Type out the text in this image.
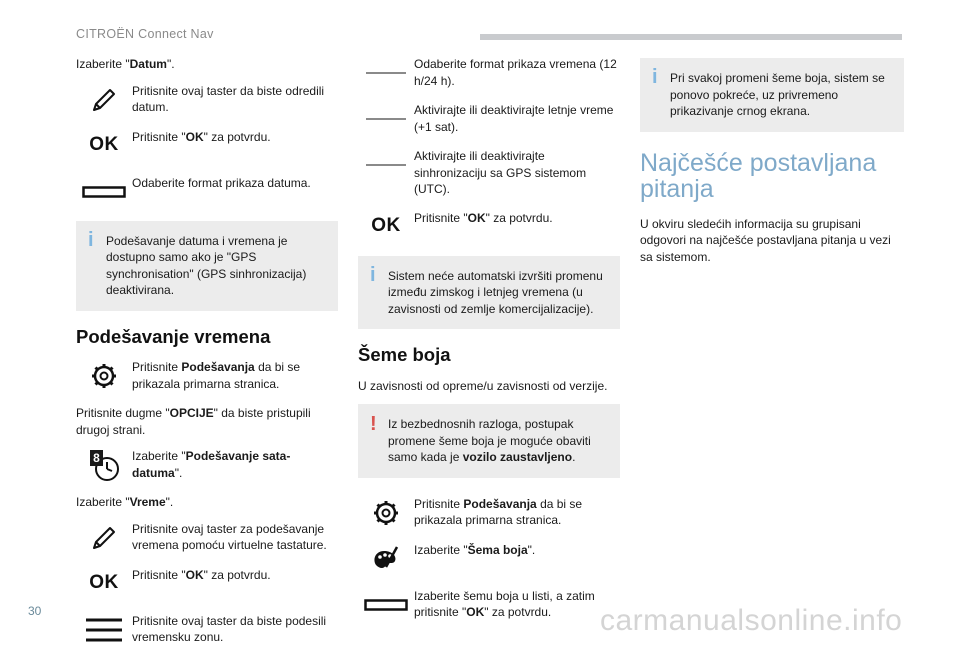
CITROËN Connect Nav

Izaberite "Datum".

Pritisnite ovaj taster da biste odredili datum.
OK Pritisnite "OK" za potvrdu.
Odaberite format prikaza datuma.
i	Podešavanje datuma i vremena je dostupno samo ako je "GPS synchronisation" (GPS sinhronizacija) deaktivirana.
Podešavanje vremena
Pritisnite Podešavanja da bi se prikazala primarna stranica.

Pritisnite dugme "OPCIJE" da biste pristupili drugoj strani.

8	Izaberite "Podešavanje sata-datuma".

Izaberite "Vreme".

Pritisnite ovaj taster za podešavanje vremena pomoću virtuelne tastature.
OK Pritisnite "OK" za potvrdu.
Pritisnite ovaj taster da biste podesili vremensku zonu.
Odaberite format prikaza vremena (12 h/24 h).
Aktivirajte ili deaktivirajte letnje vreme (+1 sat).
Aktivirajte ili deaktivirajte sinhronizaciju sa GPS sistemom (UTC).
OK Pritisnite "OK" za potvrdu.
i	Sistem neće automatski izvršiti promenu između zimskog i letnjeg vremena (u zavisnosti od zemlje komercijalizacije).
Šeme boja

U zavisnosti od opreme/u zavisnosti od verzije.

! Iz bezbednosnih razloga, postupak promene šeme boja je moguće obaviti samo kada je vozilo zaustavljeno.
Pritisnite Podešavanja da bi se prikazala primarna stranica.
Izaberite "Šema boja".
Izaberite šemu boja u listi, a zatim pritisnite "OK" za potvrdu.
i	Pri svakoj promeni šeme boja, sistem se ponovo pokreće, uz privremeno prikazivanje crnog ekrana.
Najčešće postavljana pitanja

U okviru sledećih informacija su grupisani odgovori na najčešće postavljana pitanja u vezi sa sistemom.

30	carmanualsonline.info
